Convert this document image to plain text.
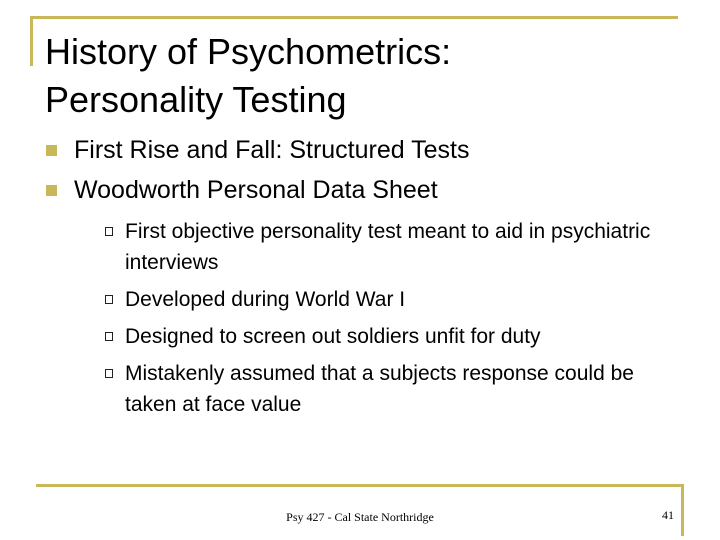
History of Psychometrics:
Personality Testing
First Rise and Fall: Structured Tests
Woodworth Personal Data Sheet
First objective personality test meant to aid in psychiatric interviews
Developed during World War I
Designed to screen out soldiers unfit for duty
Mistakenly assumed that a subjects response could be taken at face value
Psy 427 - Cal State Northridge	41
